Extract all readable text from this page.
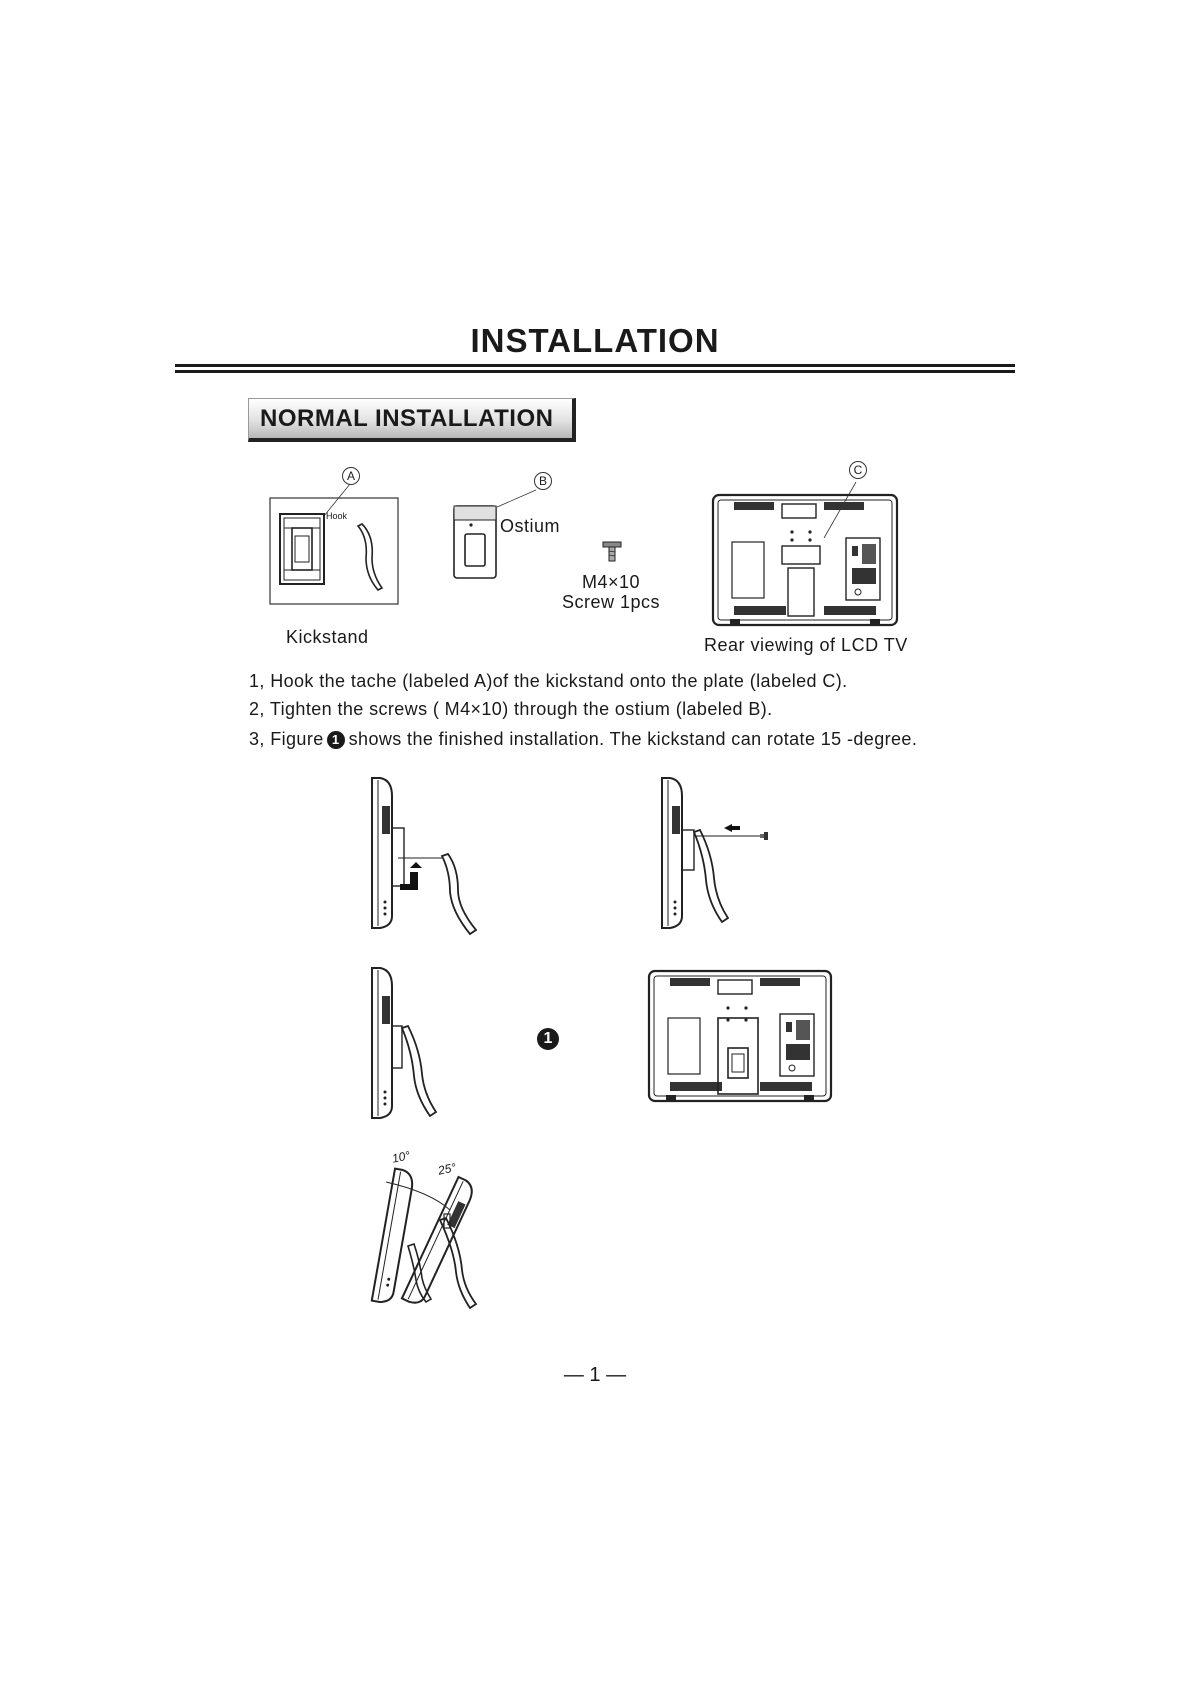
INSTALLATION
NORMAL INSTALLATION
A
Hook
Kickstand
B
Ostium
M4×10
Screw 1pcs
C
Rear viewing of LCD TV
1, Hook the tache (labeled A)of the kickstand onto the plate (labeled C).
2, Tighten the screws ( M4×10) through the ostium (labeled B).
3, Figure 1 shows the finished installation. The kickstand can rotate 15 -degree.
1
10°
25°
— 1 —
